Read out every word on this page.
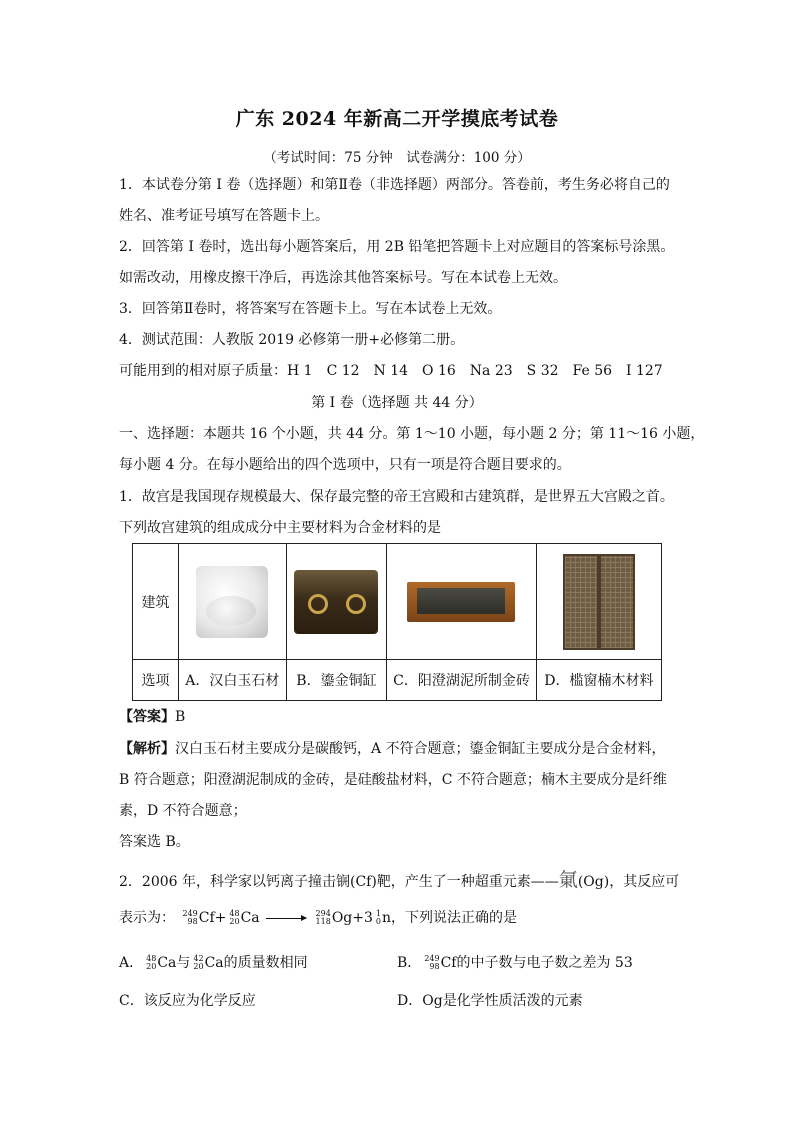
广东 2024 年新高二开学摸底考试卷
（考试时间：75 分钟　试卷满分：100 分）
1．本试卷分第 I 卷（选择题）和第Ⅱ卷（非选择题）两部分。答卷前，考生务必将自己的
姓名、准考证号填写在答题卡上。
2．回答第 I 卷时，选出每小题答案后，用 2B 铅笔把答题卡上对应题目的答案标号涂黑。
如需改动，用橡皮擦干净后，再选涂其他答案标号。写在本试卷上无效。
3．回答第Ⅱ卷时，将答案写在答题卡上。写在本试卷上无效。
4．测试范围：人教版 2019 必修第一册+必修第二册。
可能用到的相对原子质量：H 1　C 12　N 14　O 16　Na 23　S 32　Fe 56　I 127
第 I 卷（选择题 共 44 分）
一、选择题：本题共 16 个小题，共 44 分。第 1～10 小题，每小题 2 分；第 11～16 小题，
每小题 4 分。在每小题给出的四个选项中，只有一项是符合题目要求的。
1．故宫是我国现存规模最大、保存最完整的帝王宫殿和古建筑群，是世界五大宫殿之首。
下列故宫建筑的组成成分中主要材料为合金材料的是
建筑	

选项	A．汉白玉石材	B．鎏金铜缸	C．阳澄湖泥所制金砖	D．槛窗楠木材料
【答案】B
【解析】汉白玉石材主要成分是碳酸钙，A 不符合题意；鎏金铜缸主要成分是合金材料，
B 符合题意；阳澄湖泥制成的金砖，是硅酸盐材料，C 不符合题意；楠木主要成分是纤维
素，D 不符合题意；
答案选 B。
2．2006 年，科学家以钙离子撞击锎(Cf)靶，产生了一种超重元素——氭(Og)，其反应可
表示为： 249
98 Cf+ 48
20 Ca → 294
118 Og+3 1
0 n，下列说法正确的是
A． 48
20 Ca与 42
20 Ca的质量数相同	B． 249
98 Cf的中子数与电子数之差为 53
C．该反应为化学反应	D．Og是化学性质活泼的元素
